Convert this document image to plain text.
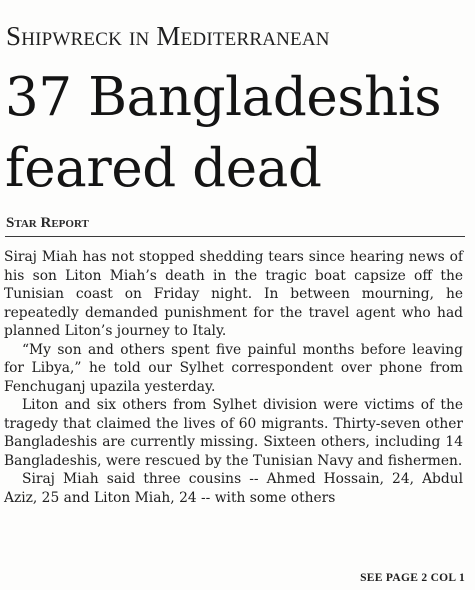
Shipwreck in Mediterranean
37 Bangladeshis feared dead
Star Report

Siraj Miah has not stopped shedding tears since hearing news of his son Liton Miah’s death in the tragic boat capsize off the Tunisian coast on Friday night. In between mourning, he repeatedly demanded punishment for the travel agent who had planned Liton’s journey to Italy.

“My son and others spent five painful months before leaving for Libya,” he told our Sylhet correspondent over phone from Fenchuganj upazila yesterday.

Liton and six others from Sylhet division were victims of the tragedy that claimed the lives of 60 migrants. Thirty-seven other Bangladeshis are currently missing. Sixteen others, including 14 Bangladeshis, were rescued by the Tunisian Navy and fishermen.

Siraj Miah said three cousins -- Ahmed Hossain, 24, Abdul Aziz, 25 and Liton Miah, 24 -- with some others

SEE PAGE 2 COL 1
